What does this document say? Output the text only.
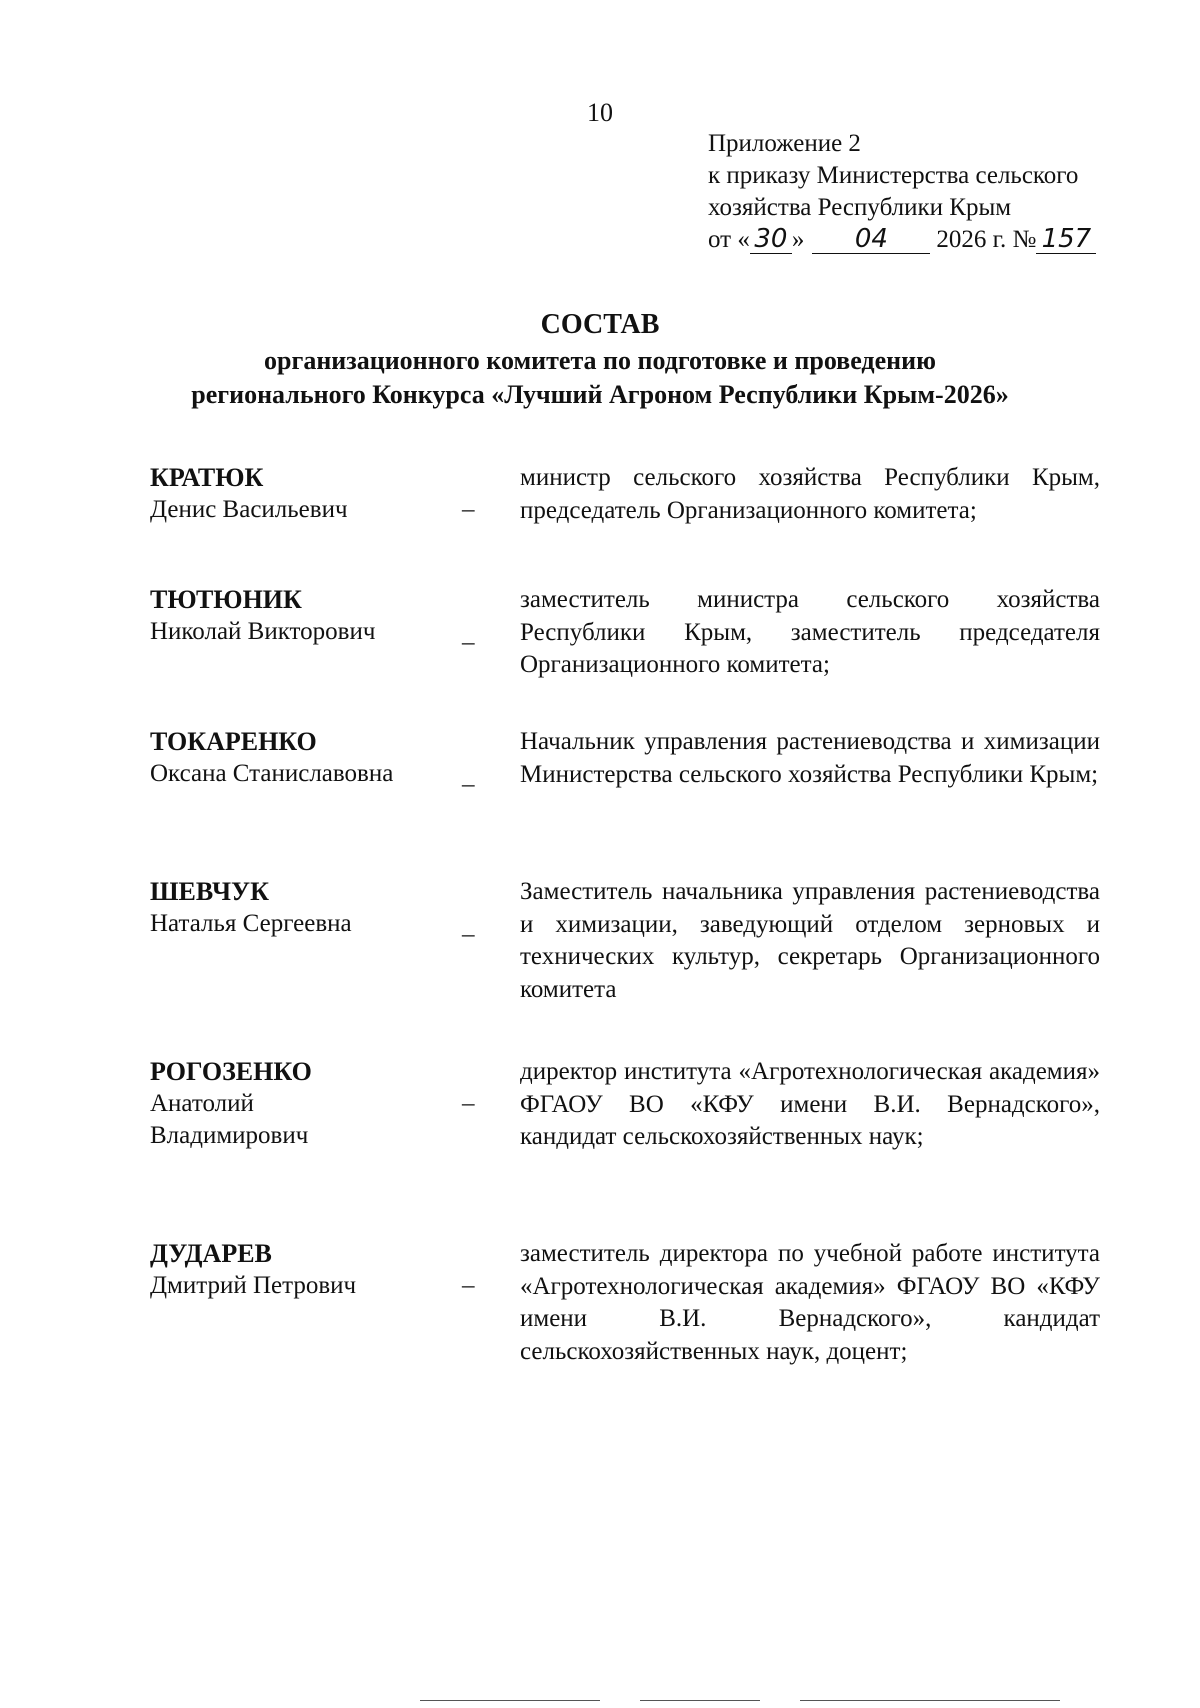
10
Приложение 2
к приказу Министерства сельского
хозяйства Республики Крым
от « 30 »	04	2026 г. № 157
СОСТАВ
организационного комитета по подготовке и проведению
регионального Конкурса «Лучший Агроном Республики Крым-2026»
КРАТЮК
Денис Васильевич	–
министр сельского хозяйства Республики Крым, председатель Организационного комитета;
ТЮТЮНИК
Николай Викторович	_
заместитель министра сельского хозяйства Республики Крым, заместитель председателя Организационного комитета;
ТОКАРЕНКО
Оксана Станиславовна	_
Начальник управления растениеводства и химизации Министерства сельского хозяйства Республики Крым;
ШЕВЧУК
Наталья Сергеевна	_
Заместитель начальника управления растениеводства и химизации, заведующий отделом зерновых и технических культур, секретарь Организационного комитета
РОГОЗЕНКО
Анатолий Владимирович
–
директор института «Агротехнологическая академия» ФГАОУ ВО «КФУ имени В.И. Вернадского», кандидат сельскохозяйственных наук;
ДУДАРЕВ
Дмитрий Петрович	–
заместитель директора по учебной работе института «Агротехнологическая академия» ФГАОУ ВО «КФУ имени В.И. Вернадского», кандидат сельскохозяйственных наук, доцент;
